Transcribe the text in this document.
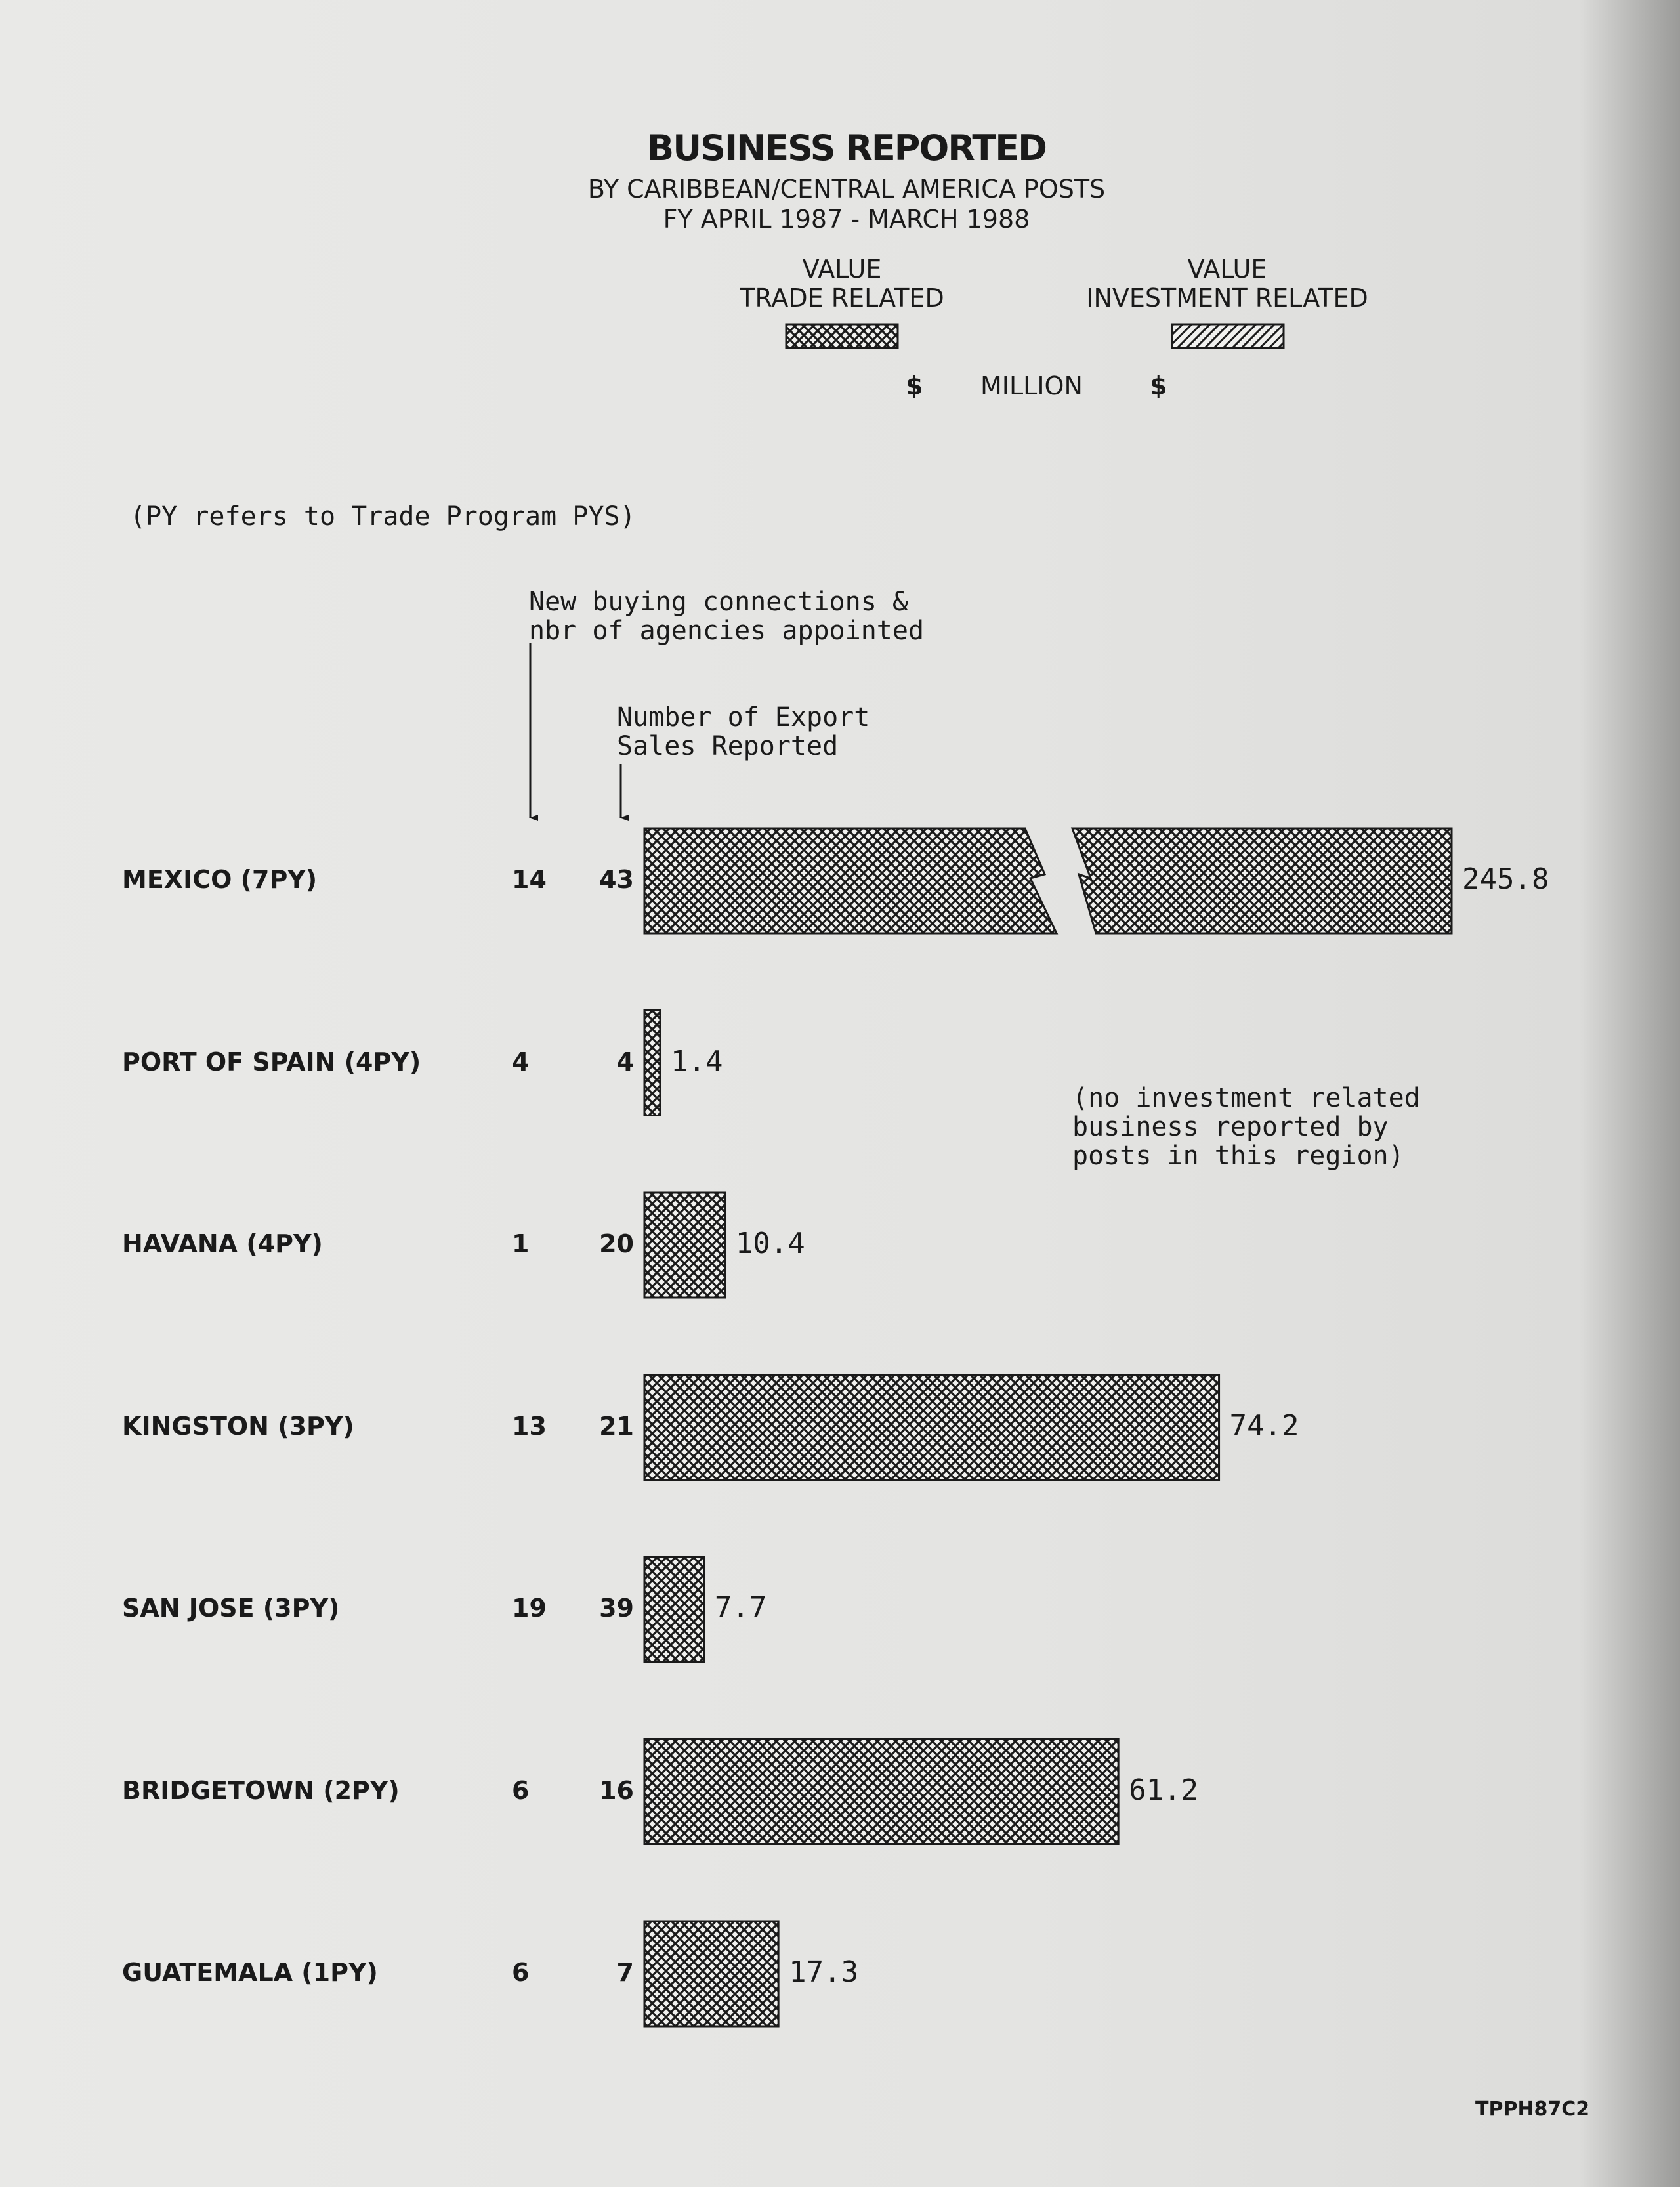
BUSINESS REPORTED
BY CARIBBEAN/CENTRAL AMERICA POSTS
FY APRIL 1987 - MARCH 1988
VALUE
TRADE RELATED
VALUE
INVESTMENT RELATED
$ MILLION	$
(PY refers to Trade Program PYS)
New buying connections &
nbr of agencies appointed
Number of Export
Sales Reported
(no investment related
business reported by
posts in this region)
MEXICO (7PY)	14 43	245.8
PORT OF SPAIN (4PY)	4	4 1.4
HAVANA (4PY)	1	20	10.4
KINGSTON (3PY)	13 21	74.2
SAN JOSE (3PY)	19 39	7.7
BRIDGETOWN (2PY)	6	16	61.2
GUATEMALA (1PY)	6	7	17.3
TPPH87C2
